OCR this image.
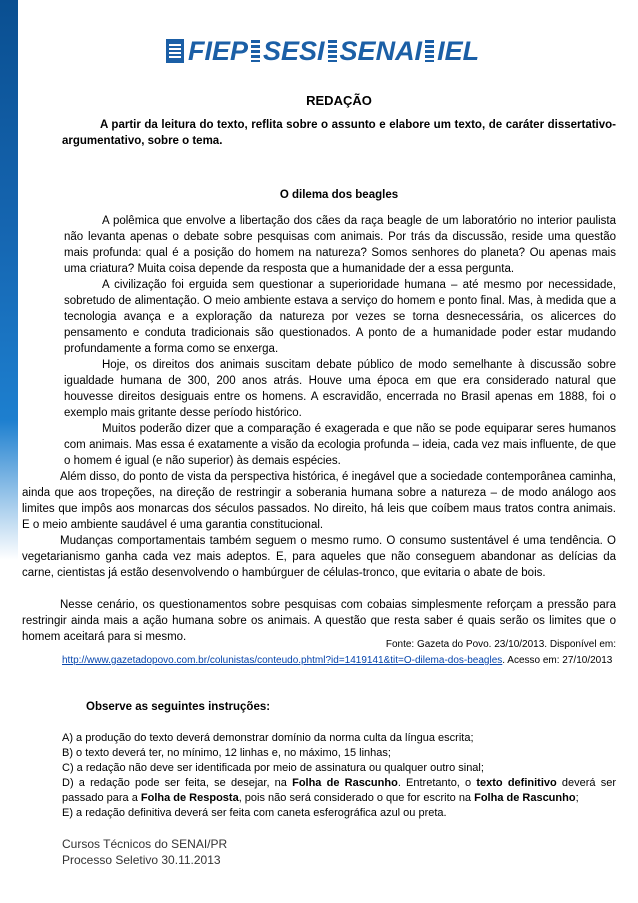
FIEP SESI SENAI IEL
REDAÇÃO
A partir da leitura do texto, reflita sobre o assunto e elabore um texto, de caráter dissertativo-argumentativo, sobre o tema.
O dilema dos beagles
A polêmica que envolve a libertação dos cães da raça beagle de um laboratório no interior paulista não levanta apenas o debate sobre pesquisas com animais. Por trás da discussão, reside uma questão mais profunda: qual é a posição do homem na natureza? Somos senhores do planeta? Ou apenas mais uma criatura? Muita coisa depende da resposta que a humanidade der a essa pergunta.
A civilização foi erguida sem questionar a superioridade humana – até mesmo por necessidade, sobretudo de alimentação. O meio ambiente estava a serviço do homem e ponto final. Mas, à medida que a tecnologia avança e a exploração da natureza por vezes se torna desnecessária, os alicerces do pensamento e conduta tradicionais são questionados. A ponto de a humanidade poder estar mudando profundamente a forma como se enxerga.
Hoje, os direitos dos animais suscitam debate público de modo semelhante à discussão sobre igualdade humana de 300, 200 anos atrás. Houve uma época em que era considerado natural que houvesse direitos desiguais entre os homens. A escravidão, encerrada no Brasil apenas em 1888, foi o exemplo mais gritante desse período histórico.
Muitos poderão dizer que a comparação é exagerada e que não se pode equiparar seres humanos com animais. Mas essa é exatamente a visão da ecologia profunda – ideia, cada vez mais influente, de que o homem é igual (e não superior) às demais espécies.
Além disso, do ponto de vista da perspectiva histórica, é inegável que a sociedade contemporânea caminha, ainda que aos tropeções, na direção de restringir a soberania humana sobre a natureza – de modo análogo aos limites que impôs aos monarcas dos séculos passados. No direito, há leis que coíbem maus tratos contra animais. E o meio ambiente saudável é uma garantia constitucional.
Mudanças comportamentais também seguem o mesmo rumo. O consumo sustentável é uma tendência. O vegetarianismo ganha cada vez mais adeptos. E, para aqueles que não conseguem abandonar as delícias da carne, cientistas já estão desenvolvendo o hambúrguer de células-tronco, que evitaria o abate de bois.
Nesse cenário, os questionamentos sobre pesquisas com cobaias simplesmente reforçam a pressão para restringir ainda mais a ação humana sobre os animais. A questão que resta saber é quais serão os limites que o homem aceitará para si mesmo.
Fonte: Gazeta do Povo. 23/10/2013. Disponível em:
http://www.gazetadopovo.com.br/colunistas/conteudo.phtml?id=1419141&tit=O-dilema-dos-beagles. Acesso em: 27/10/2013
Observe as seguintes instruções:
A) a produção do texto deverá demonstrar domínio da norma culta da língua escrita;
B) o texto deverá ter, no mínimo, 12 linhas e, no máximo, 15 linhas;
C) a redação não deve ser identificada por meio de assinatura ou qualquer outro sinal;
D) a redação pode ser feita, se desejar, na Folha de Rascunho. Entretanto, o texto definitivo deverá ser passado para a Folha de Resposta, pois não será considerado o que for escrito na Folha de Rascunho;
E) a redação definitiva deverá ser feita com caneta esferográfica azul ou preta.
Cursos Técnicos do SENAI/PR
Processo Seletivo 30.11.2013
